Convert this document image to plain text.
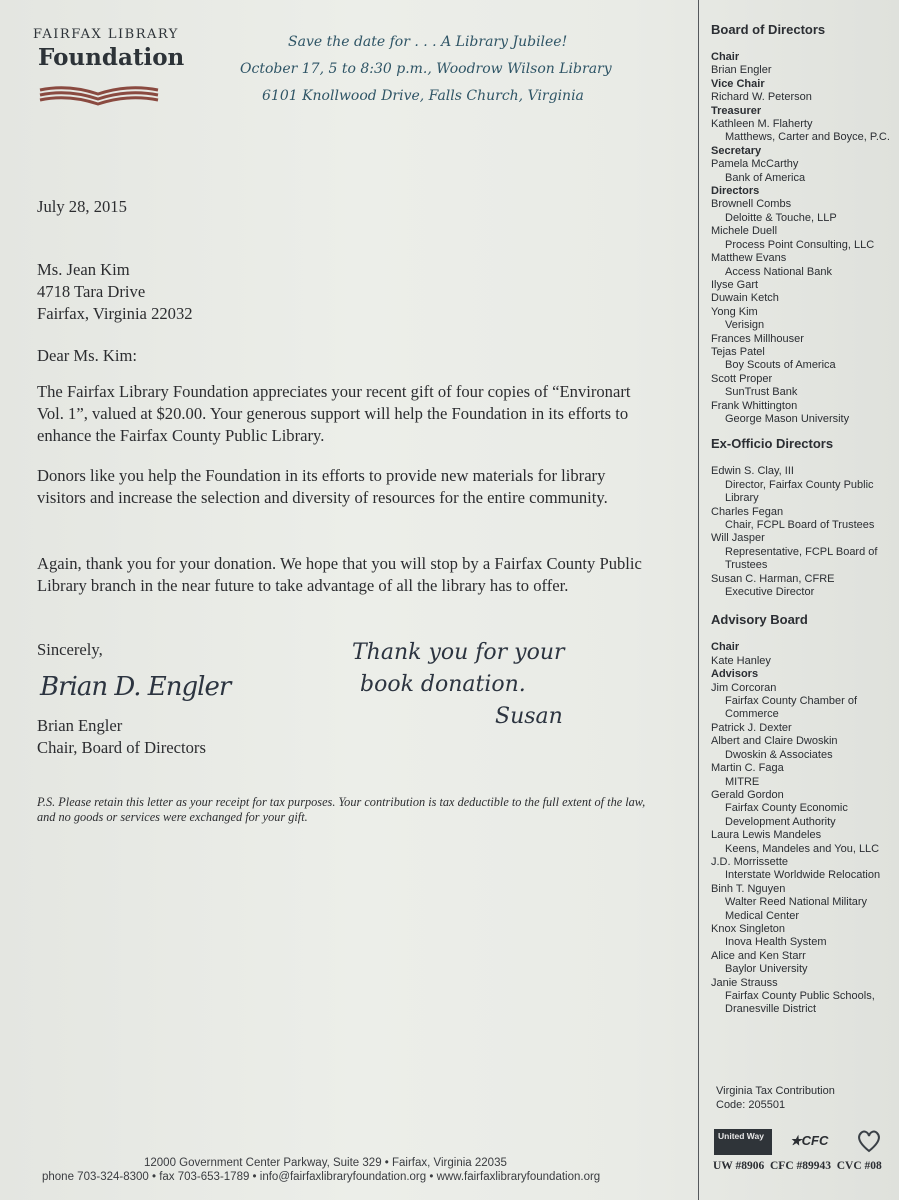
FAIRFAX LIBRARY
Foundation
Save the date for . . . A Library Jubilee!
October 17, 5 to 8:30 p.m., Woodrow Wilson Library
6101 Knollwood Drive, Falls Church, Virginia
July 28, 2015
Ms. Jean Kim
4718 Tara Drive
Fairfax, Virginia 22032
Dear Ms. Kim:

The Fairfax Library Foundation appreciates your recent gift of four copies of “Environart Vol. 1”, valued at $20.00. Your generous support will help the Foundation in its efforts to enhance the Fairfax County Public Library.

Donors like you help the Foundation in its efforts to provide new materials for library visitors and increase the selection and diversity of resources for the entire community.

Again, thank you for your donation. We hope that you will stop by a Fairfax County Public Library branch in the near future to take advantage of all the library has to offer.

Sincerely,
Brian D. Engler
Brian Engler
Chair, Board of Directors
Thank you for your
book donation.
Susan

P.S. Please retain this letter as your receipt for tax purposes. Your contribution is tax deductible to the full extent of the law, and no goods or services were exchanged for your gift.

Board of Directors
Chair
Brian Engler
Vice Chair
Richard W. Peterson
Treasurer
Kathleen M. Flaherty
Matthews, Carter and Boyce, P.C.
Secretary
Pamela McCarthy
Bank of America
Directors
Brownell Combs
Deloitte & Touche, LLP
Michele Duell
Process Point Consulting, LLC
Matthew Evans
Access National Bank
Ilyse Gart
Duwain Ketch
Yong Kim
Verisign
Frances Millhouser
Tejas Patel
Boy Scouts of America
Scott Proper
SunTrust Bank
Frank Whittington
George Mason University
Ex-Officio Directors
Edwin S. Clay, III
Director, Fairfax County Public Library
Charles Fegan
Chair, FCPL Board of Trustees
Will Jasper
Representative, FCPL Board of Trustees
Susan C. Harman, CFRE
Executive Director
Advisory Board
Chair
Kate Hanley
Advisors
Jim Corcoran
Fairfax County Chamber of Commerce
Patrick J. Dexter
Albert and Claire Dwoskin
Dwoskin & Associates
Martin C. Faga
MITRE
Gerald Gordon
Fairfax County Economic Development Authority
Laura Lewis Mandeles
Keens, Mandeles and You, LLC
J.D. Morrissette
Interstate Worldwide Relocation
Binh T. Nguyen
Walter Reed National Military Medical Center
Knox Singleton
Inova Health System
Alice and Ken Starr
Baylor University
Janie Strauss
Fairfax County Public Schools, Dranesville District
Virginia Tax Contribution
Code: 205501
United Way	★CFC
UW #8906 CFC #89943 CVC #08
12000 Government Center Parkway, Suite 329 • Fairfax, Virginia 22035
phone 703-324-8300 • fax 703-653-1789 • info@fairfaxlibraryfoundation.org • www.fairfaxlibraryfoundation.org
